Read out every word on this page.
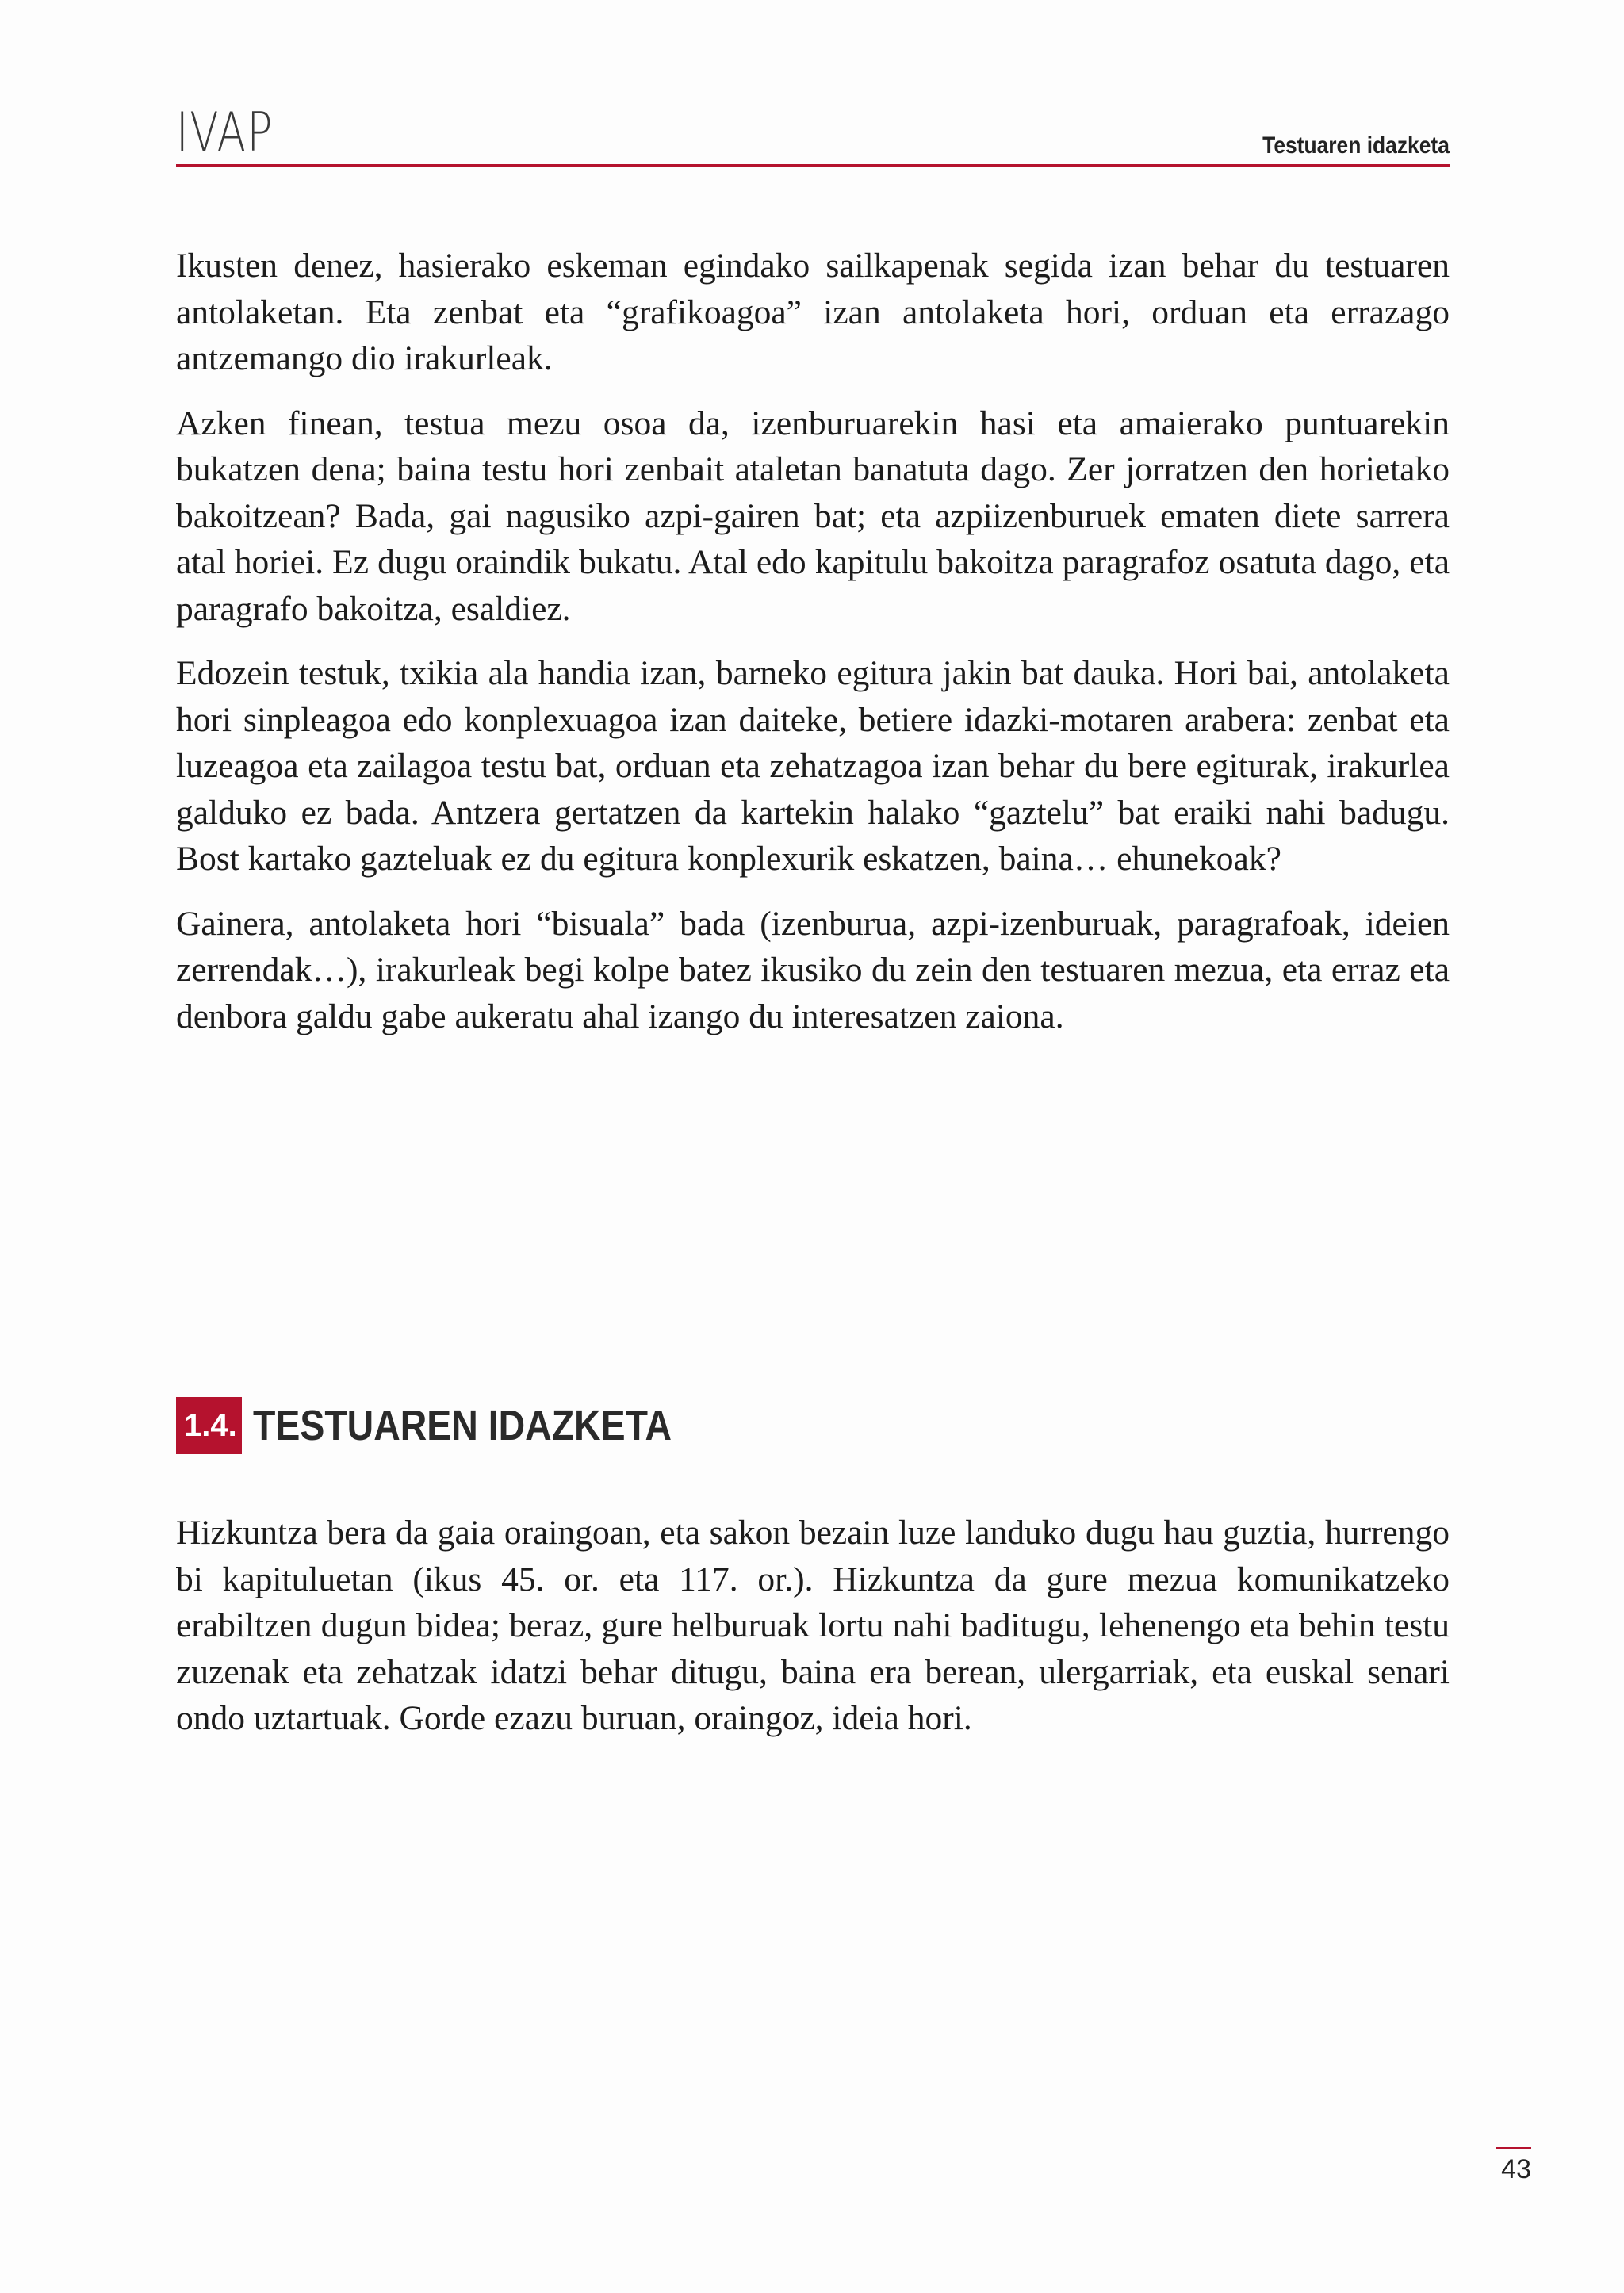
IVAP	Testuaren idazketa

Ikusten denez, hasierako eskeman egindako sailkapenak segida izan behar du testuaren antolaketan. Eta zenbat eta “grafikoagoa” izan antolaketa hori, orduan eta errazago antzemango dio irakurleak.

Azken finean, testua mezu osoa da, izenburuarekin hasi eta amaierako puntuarekin bukatzen dena; baina testu hori zenbait ataletan banatuta dago. Zer jorratzen den horietako bakoitzean? Bada, gai nagusiko azpi-gairen bat; eta azpiizenburuek ematen diete sarrera atal horiei. Ez dugu oraindik bukatu. Atal edo kapitulu bakoitza paragrafoz osatuta dago, eta paragrafo bakoitza, esaldiez.

Edozein testuk, txikia ala handia izan, barneko egitura jakin bat dauka. Hori bai, antolaketa hori sinpleagoa edo konplexuagoa izan daiteke, betiere idazki-motaren arabera: zenbat eta luzeagoa eta zailagoa testu bat, orduan eta zehatzagoa izan behar du bere egiturak, irakurlea galduko ez bada. Antzera gertatzen da kartekin halako “gaztelu” bat eraiki nahi badugu. Bost kartako gazteluak ez du egitura konplexurik eskatzen, baina… ehunekoak?

Gainera, antolaketa hori “bisuala” bada (izenburua, azpi-izenburuak, paragrafoak, ideien zerrendak…), irakurleak begi kolpe batez ikusiko du zein den testuaren mezua, eta erraz eta denbora galdu gabe aukeratu ahal izango du interesatzen zaiona.

1.4. TESTUAREN IDAZKETA

Hizkuntza bera da gaia oraingoan, eta sakon bezain luze landuko dugu hau guztia, hurrengo bi kapituluetan (ikus 45. or. eta 117. or.). Hizkuntza da gure mezua komunikatzeko erabiltzen dugun bidea; beraz, gure helburuak lortu nahi baditugu, lehenengo eta behin testu zuzenak eta zehatzak idatzi behar ditugu, baina era berean, ulergarriak, eta euskal senari ondo uztartuak. Gorde ezazu buruan, oraingoz, ideia hori.

43
